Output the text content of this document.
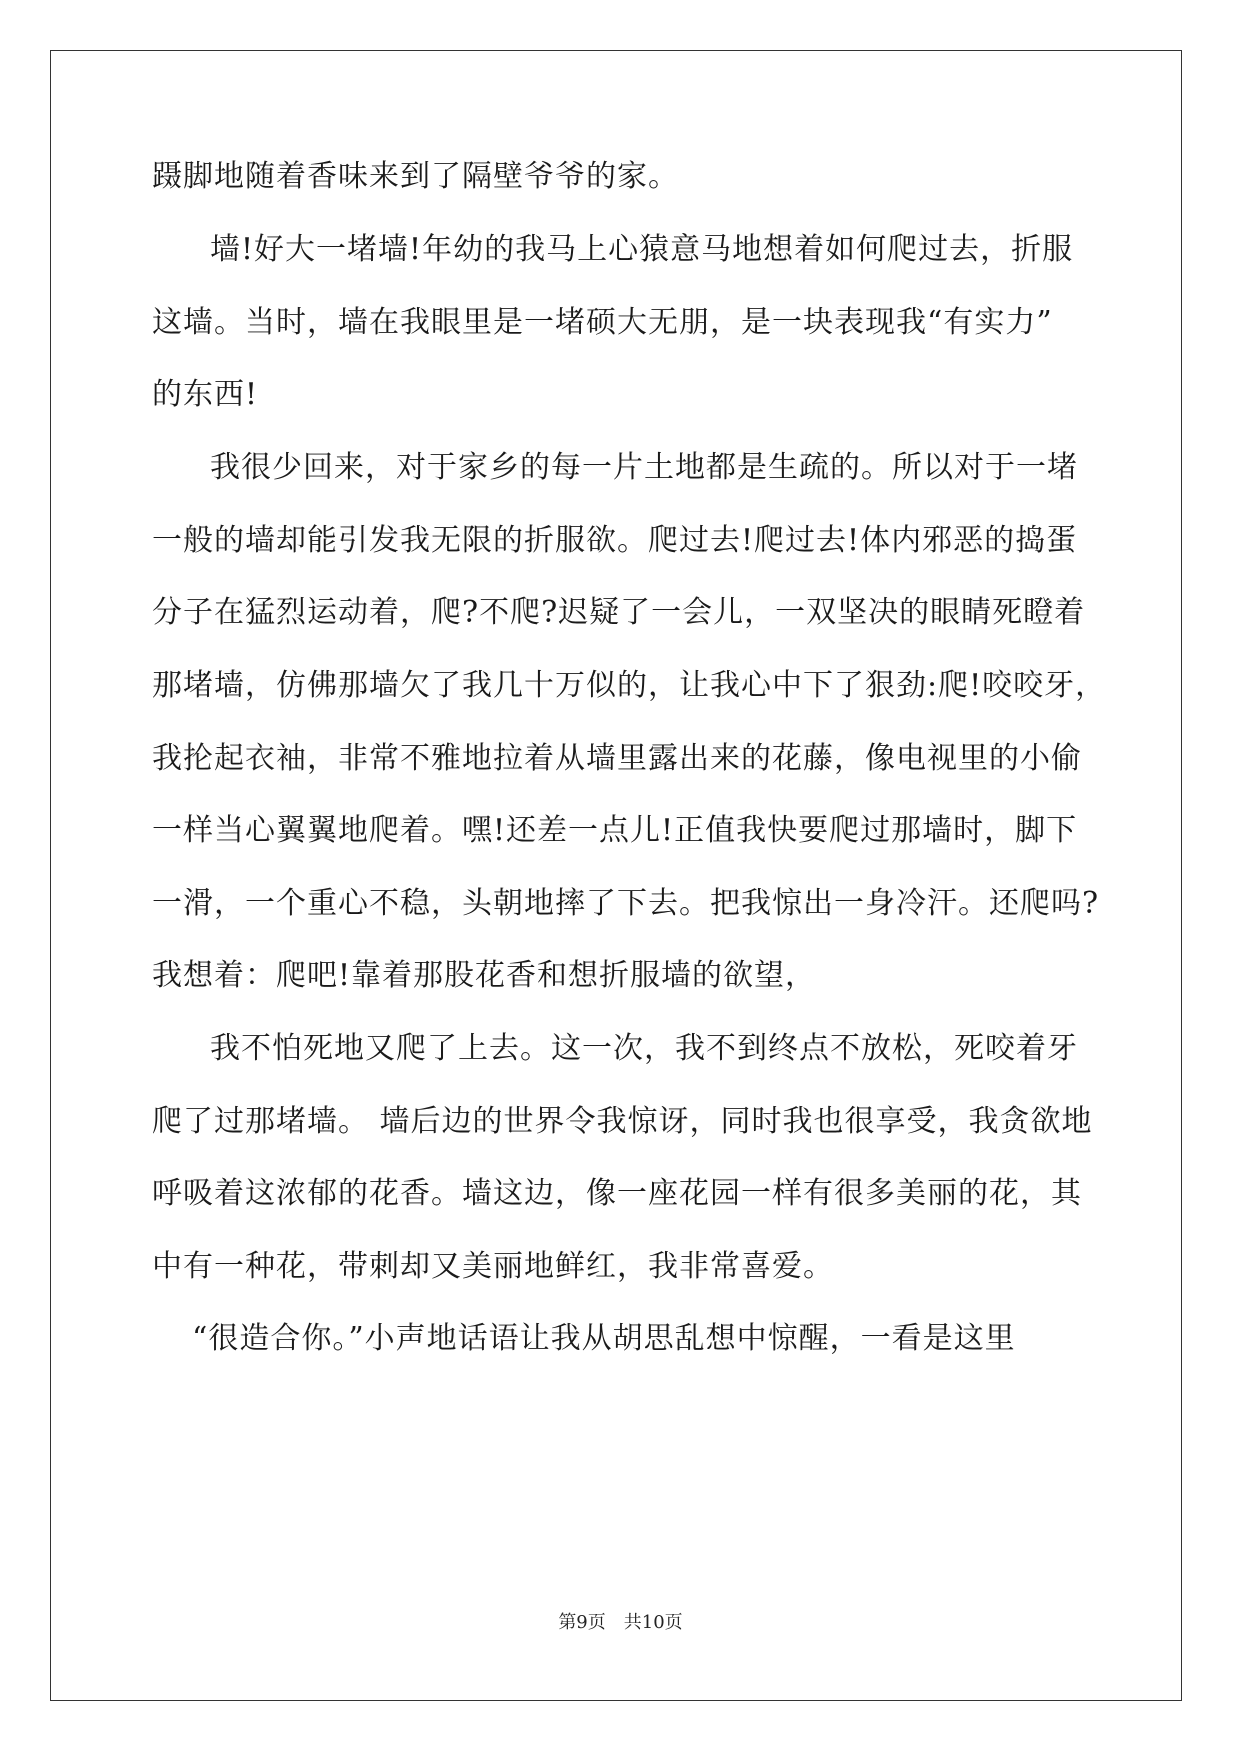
蹑脚地随着香味来到了隔壁爷爷的家。
墙!好大一堵墙!年幼的我马上心猿意马地想着如何爬过去，折服
这墙。当时，墙在我眼里是一堵硕大无朋，是一块表现我“有实力”
的东西!
我很少回来，对于家乡的每一片土地都是生疏的。所以对于一堵
一般的墙却能引发我无限的折服欲。爬过去!爬过去!体内邪恶的捣蛋
分子在猛烈运动着，爬?不爬?迟疑了一会儿，一双坚决的眼睛死瞪着
那堵墙，仿佛那墙欠了我几十万似的，让我心中下了狠劲:爬!咬咬牙，
我抡起衣袖，非常不雅地拉着从墙里露出来的花藤，像电视里的小偷
一样当心翼翼地爬着。嘿!还差一点儿!正值我快要爬过那墙时，脚下
一滑，一个重心不稳，头朝地摔了下去。把我惊出一身冷汗。还爬吗?
我想着：爬吧!靠着那股花香和想折服墙的欲望，
我不怕死地又爬了上去。这一次，我不到终点不放松，死咬着牙
爬了过那堵墙。 墙后边的世界令我惊讶，同时我也很享受，我贪欲地
呼吸着这浓郁的花香。墙这边，像一座花园一样有很多美丽的花，其
中有一种花，带刺却又美丽地鲜红，我非常喜爱。
“很造合你。”小声地话语让我从胡思乱想中惊醒，一看是这里
第9页　共10页
